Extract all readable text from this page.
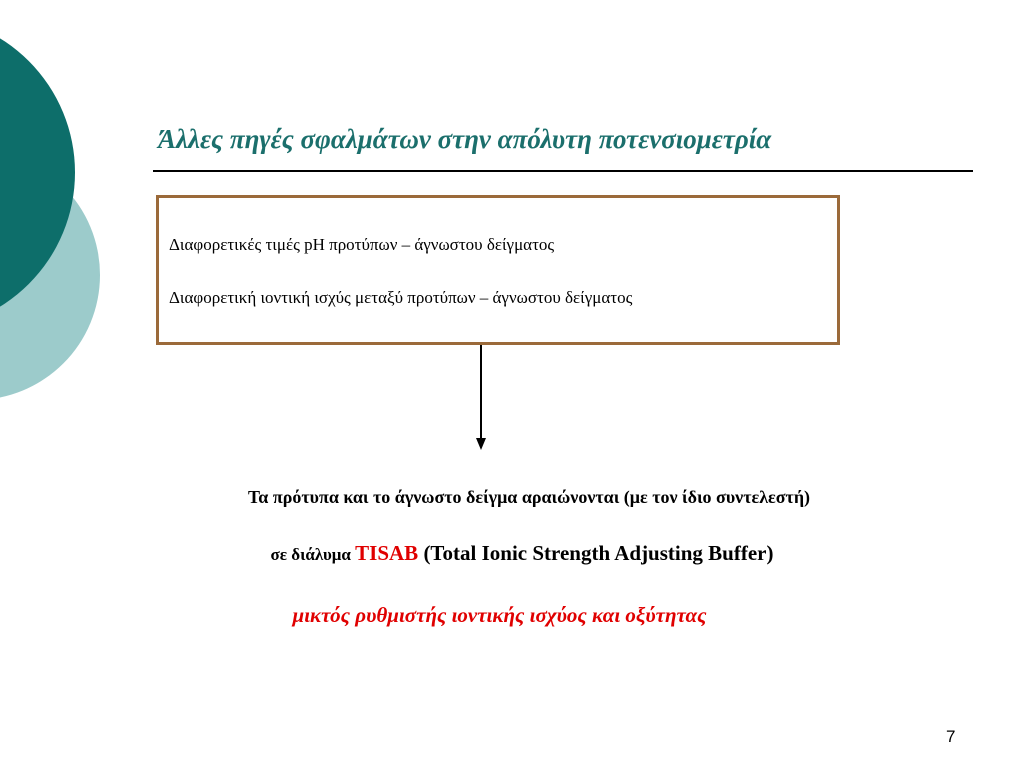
Άλλες πηγές σφαλμάτων στην απόλυτη ποτενσιομετρία
Διαφορετικές τιμές pH προτύπων – άγνωστου δείγματος
Διαφορετική ιοντική ισχύς μεταξύ προτύπων – άγνωστου δείγματος
Τα πρότυπα και το άγνωστο δείγμα αραιώνονται (με τον ίδιο συντελεστή)
σε διάλυμα TISAB (Total Ionic Strength Adjusting Buffer)
μικτός ρυθμιστής ιοντικής ισχύος και οξύτητας
7
